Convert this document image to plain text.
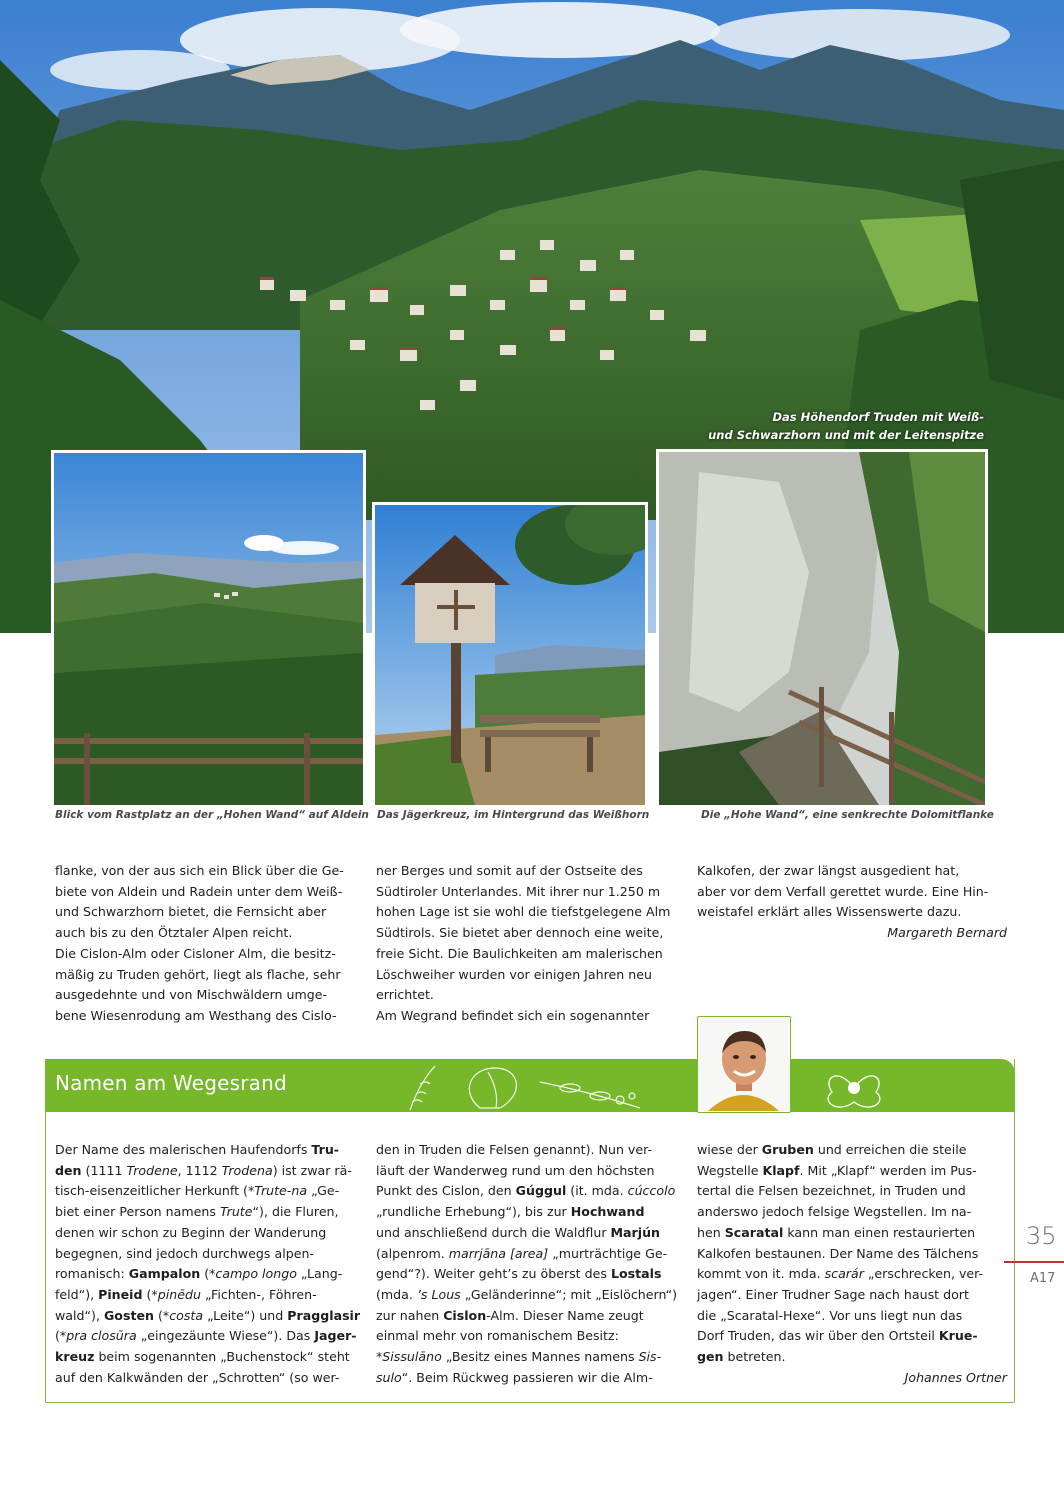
Das Höhendorf Truden mit Weiß-
und Schwarzhorn und mit der Leitenspitze
Blick vom Rastplatz an der „Hohen Wand“ auf Aldein Das Jägerkreuz, im Hintergrund das Weißhorn	Die „Hohe Wand“, eine senkrechte Dolomitflanke

flanke, von der aus sich ein Blick über die Ge-

biete von Aldein und Radein unter dem Weiß-

und Schwarzhorn bietet, die Fernsicht aber

auch bis zu den Ötztaler Alpen reicht.

Die Cislon-Alm oder Cisloner Alm, die besitz-

mäßig zu Truden gehört, liegt als flache, sehr

ausgedehnte und von Mischwäldern umge-

bene Wiesenrodung am Westhang des Cislo-

ner Berges und somit auf der Ostseite des

Südtiroler Unterlandes. Mit ihrer nur 1.250 m

hohen Lage ist sie wohl die tiefstgelegene Alm

Südtirols. Sie bietet aber dennoch eine weite,

freie Sicht. Die Baulichkeiten am malerischen

Löschweiher wurden vor einigen Jahren neu

errichtet.

Am Wegrand befindet sich ein sogenannter

Kalkofen, der zwar längst ausgedient hat,

aber vor dem Verfall gerettet wurde. Eine Hin-

weistafel erklärt alles Wissenswerte dazu.

Margareth Bernard

Namen am Wegesrand
Der Name des malerischen Haufendorfs Tru-
den (1111 Trodene, 1112 Trodena) ist zwar rä-
tisch-eisenzeitlicher Herkunft (*Trute-na „Ge-
biet einer Person namens Trute“), die Fluren,
denen wir schon zu Beginn der Wanderung
begegnen, sind jedoch durchwegs alpen-
romanisch: Gampalon (*campo longo „Lang-
feld“), Pineid (*pinēdu „Fichten-, Föhren-
wald“), Gosten (*costa „Leite“) und Pragglasir
(*pra closūra „eingezäunte Wiese“). Das Jager-
kreuz beim sogenannten „Buchenstock“ steht
auf den Kalkwänden der „Schrotten“ (so wer-
den in Truden die Felsen genannt). Nun ver-
läuft der Wanderweg rund um den höchsten
Punkt des Cislon, den Gúggul (it. mda. cúccolo
„rundliche Erhebung“), bis zur Hochwand
und anschließend durch die Waldflur Marjún
(alpenrom. marrjāna [area] „murträchtige Ge-
gend“?). Weiter geht’s zu öberst des Lostals
(mda. ’s Lous „Geländerinne“; mit „Eislöchern“)
zur nahen Cislon-Alm. Dieser Name zeugt
einmal mehr von romanischem Besitz:
*Sissulāno „Besitz eines Mannes namens Sis-
sulo“. Beim Rückweg passieren wir die Alm-
wiese der Gruben und erreichen die steile
Wegstelle Klapf. Mit „Klapf“ werden im Pus-
tertal die Felsen bezeichnet, in Truden und
anderswo jedoch felsige Wegstellen. Im na-
hen Scaratal kann man einen restaurierten
Kalkofen bestaunen. Der Name des Tälchens
kommt von it. mda. scarár „erschrecken, ver-
jagen“. Einer Trudner Sage nach haust dort
die „Scaratal-Hexe“. Vor uns liegt nun das
Dorf Truden, das wir über den Ortsteil Krue-
gen betreten.
Johannes Ortner
35
A17
